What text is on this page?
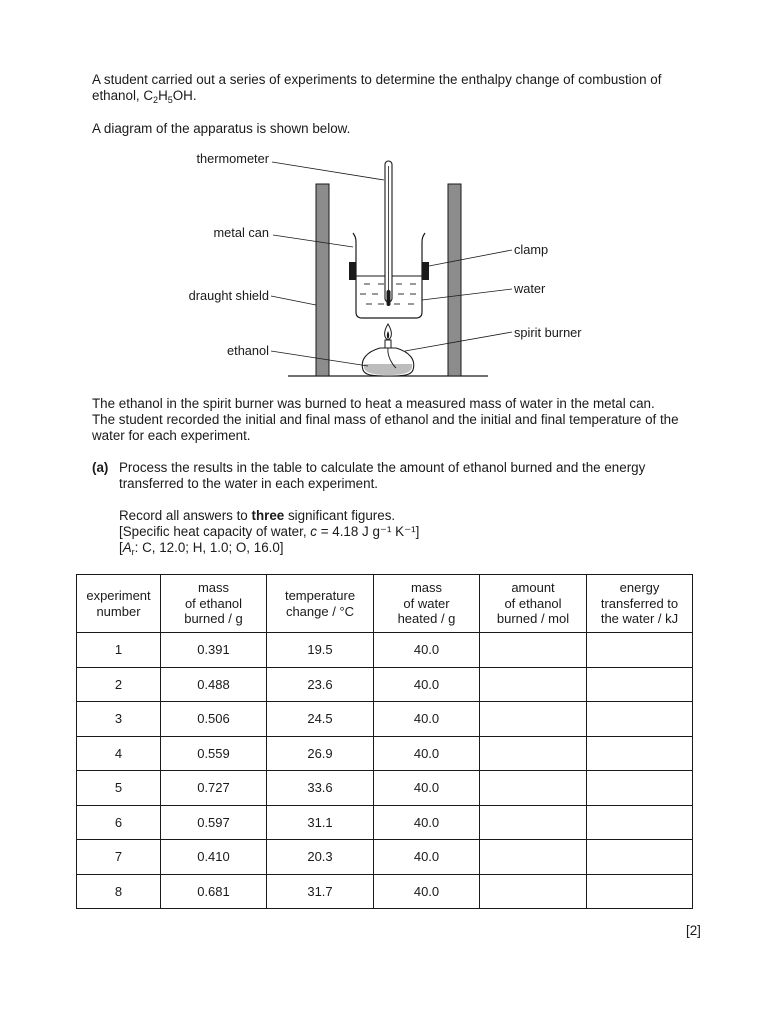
A student carried out a series of experiments to determine the enthalpy change of combustion of
ethanol, $C_2H_5OH$.

A diagram of the apparatus is shown below.

thermometer
metal can
draught shield
ethanol
clamp
water
spirit burner

The ethanol in the spirit burner was burned to heat a measured mass of water in the metal can.
The student recorded the initial and final mass of ethanol and the initial and final temperature of the
water for each experiment.

(a) Process the results in the table to calculate the amount of ethanol burned and the energy
transferred to the water in each experiment.

Record all answers to three significant figures.
[Specific heat capacity of water, c = 4.18 J g⁻¹ K⁻¹]
[$A_r$: C, 12.0; H, 1.0; O, 16.0]

experiment
number	mass
of ethanol
burned / g	temperature
change / °C	mass
of water
heated / g	amount
of ethanol
burned / mol	energy
transferred to
the water / kJ
1	0.391	19.5	40.0		
2	0.488	23.6	40.0		
3	0.506	24.5	40.0		
4	0.559	26.9	40.0		
5	0.727	33.6	40.0		
6	0.597	31.1	40.0		
7	0.410	20.3	40.0		
8	0.681	31.7	40.0		
[2]
